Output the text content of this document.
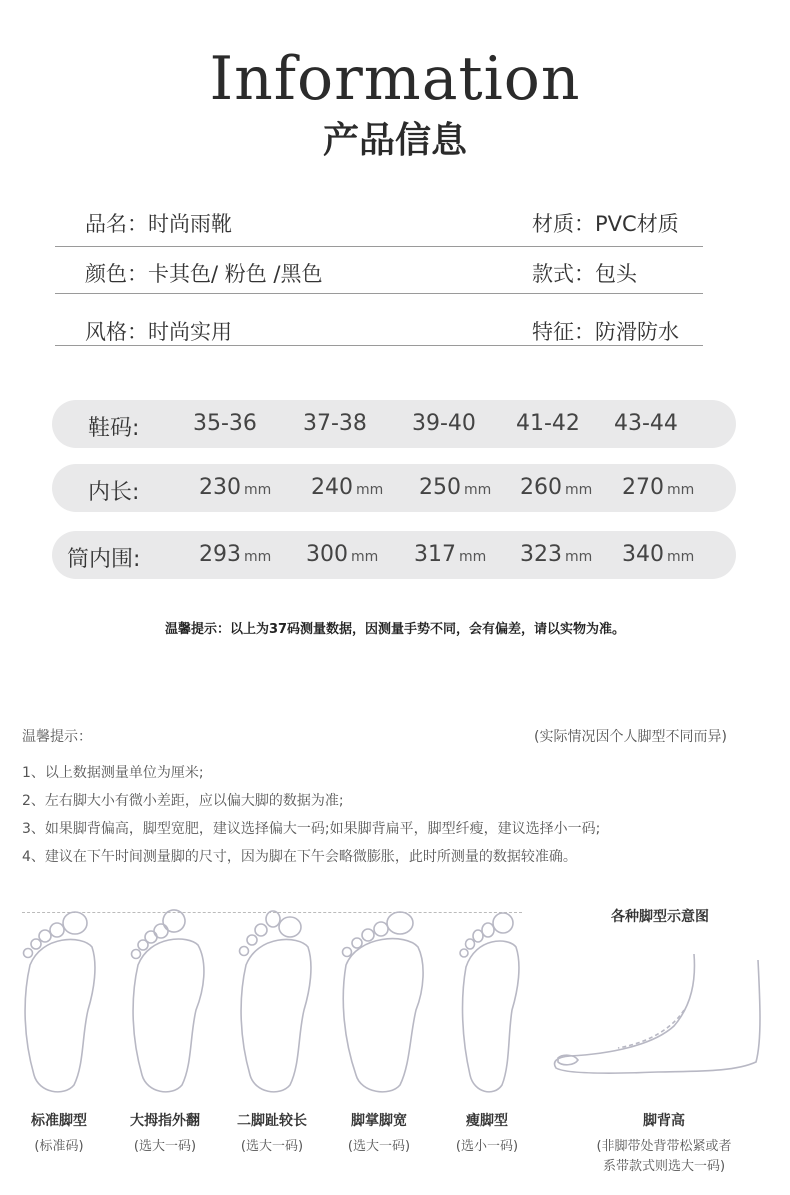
Information
产品信息
品名：时尚雨靴	材质：PVC材质
颜色：卡其色/ 粉色 /黑色	款式：包头
风格：时尚实用	特征：防滑防水
鞋码: 35-36 37-38 39-40 41-42 43-44
内长:	230 mm 240 mm 250 mm 260 mm 270 mm
筒内围:	293 mm 300 mm 317 mm 323 mm 340 mm
温馨提示：以上为37码测量数据，因测量手势不同，会有偏差，请以实物为准。
温馨提示：	(实际情况因个人脚型不同而异)
1、以上数据测量单位为厘米;
2、左右脚大小有微小差距，应以偏大脚的数据为准;
3、如果脚背偏高，脚型宽肥，建议选择偏大一码;如果脚背扁平，脚型纤瘦，建议选择小一码;
4、建议在下午时间测量脚的尺寸，因为脚在下午会略微膨胀，此时所测量的数据较准确。
标准脚型
(标准码)
大拇指外翻
(选大一码)
二脚趾较长
(选大一码)
脚掌脚宽
(选大一码)
瘦脚型
(选小一码)
各种脚型示意图
脚背高
(非脚带处背带松紧或者
系带款式则选大一码)
